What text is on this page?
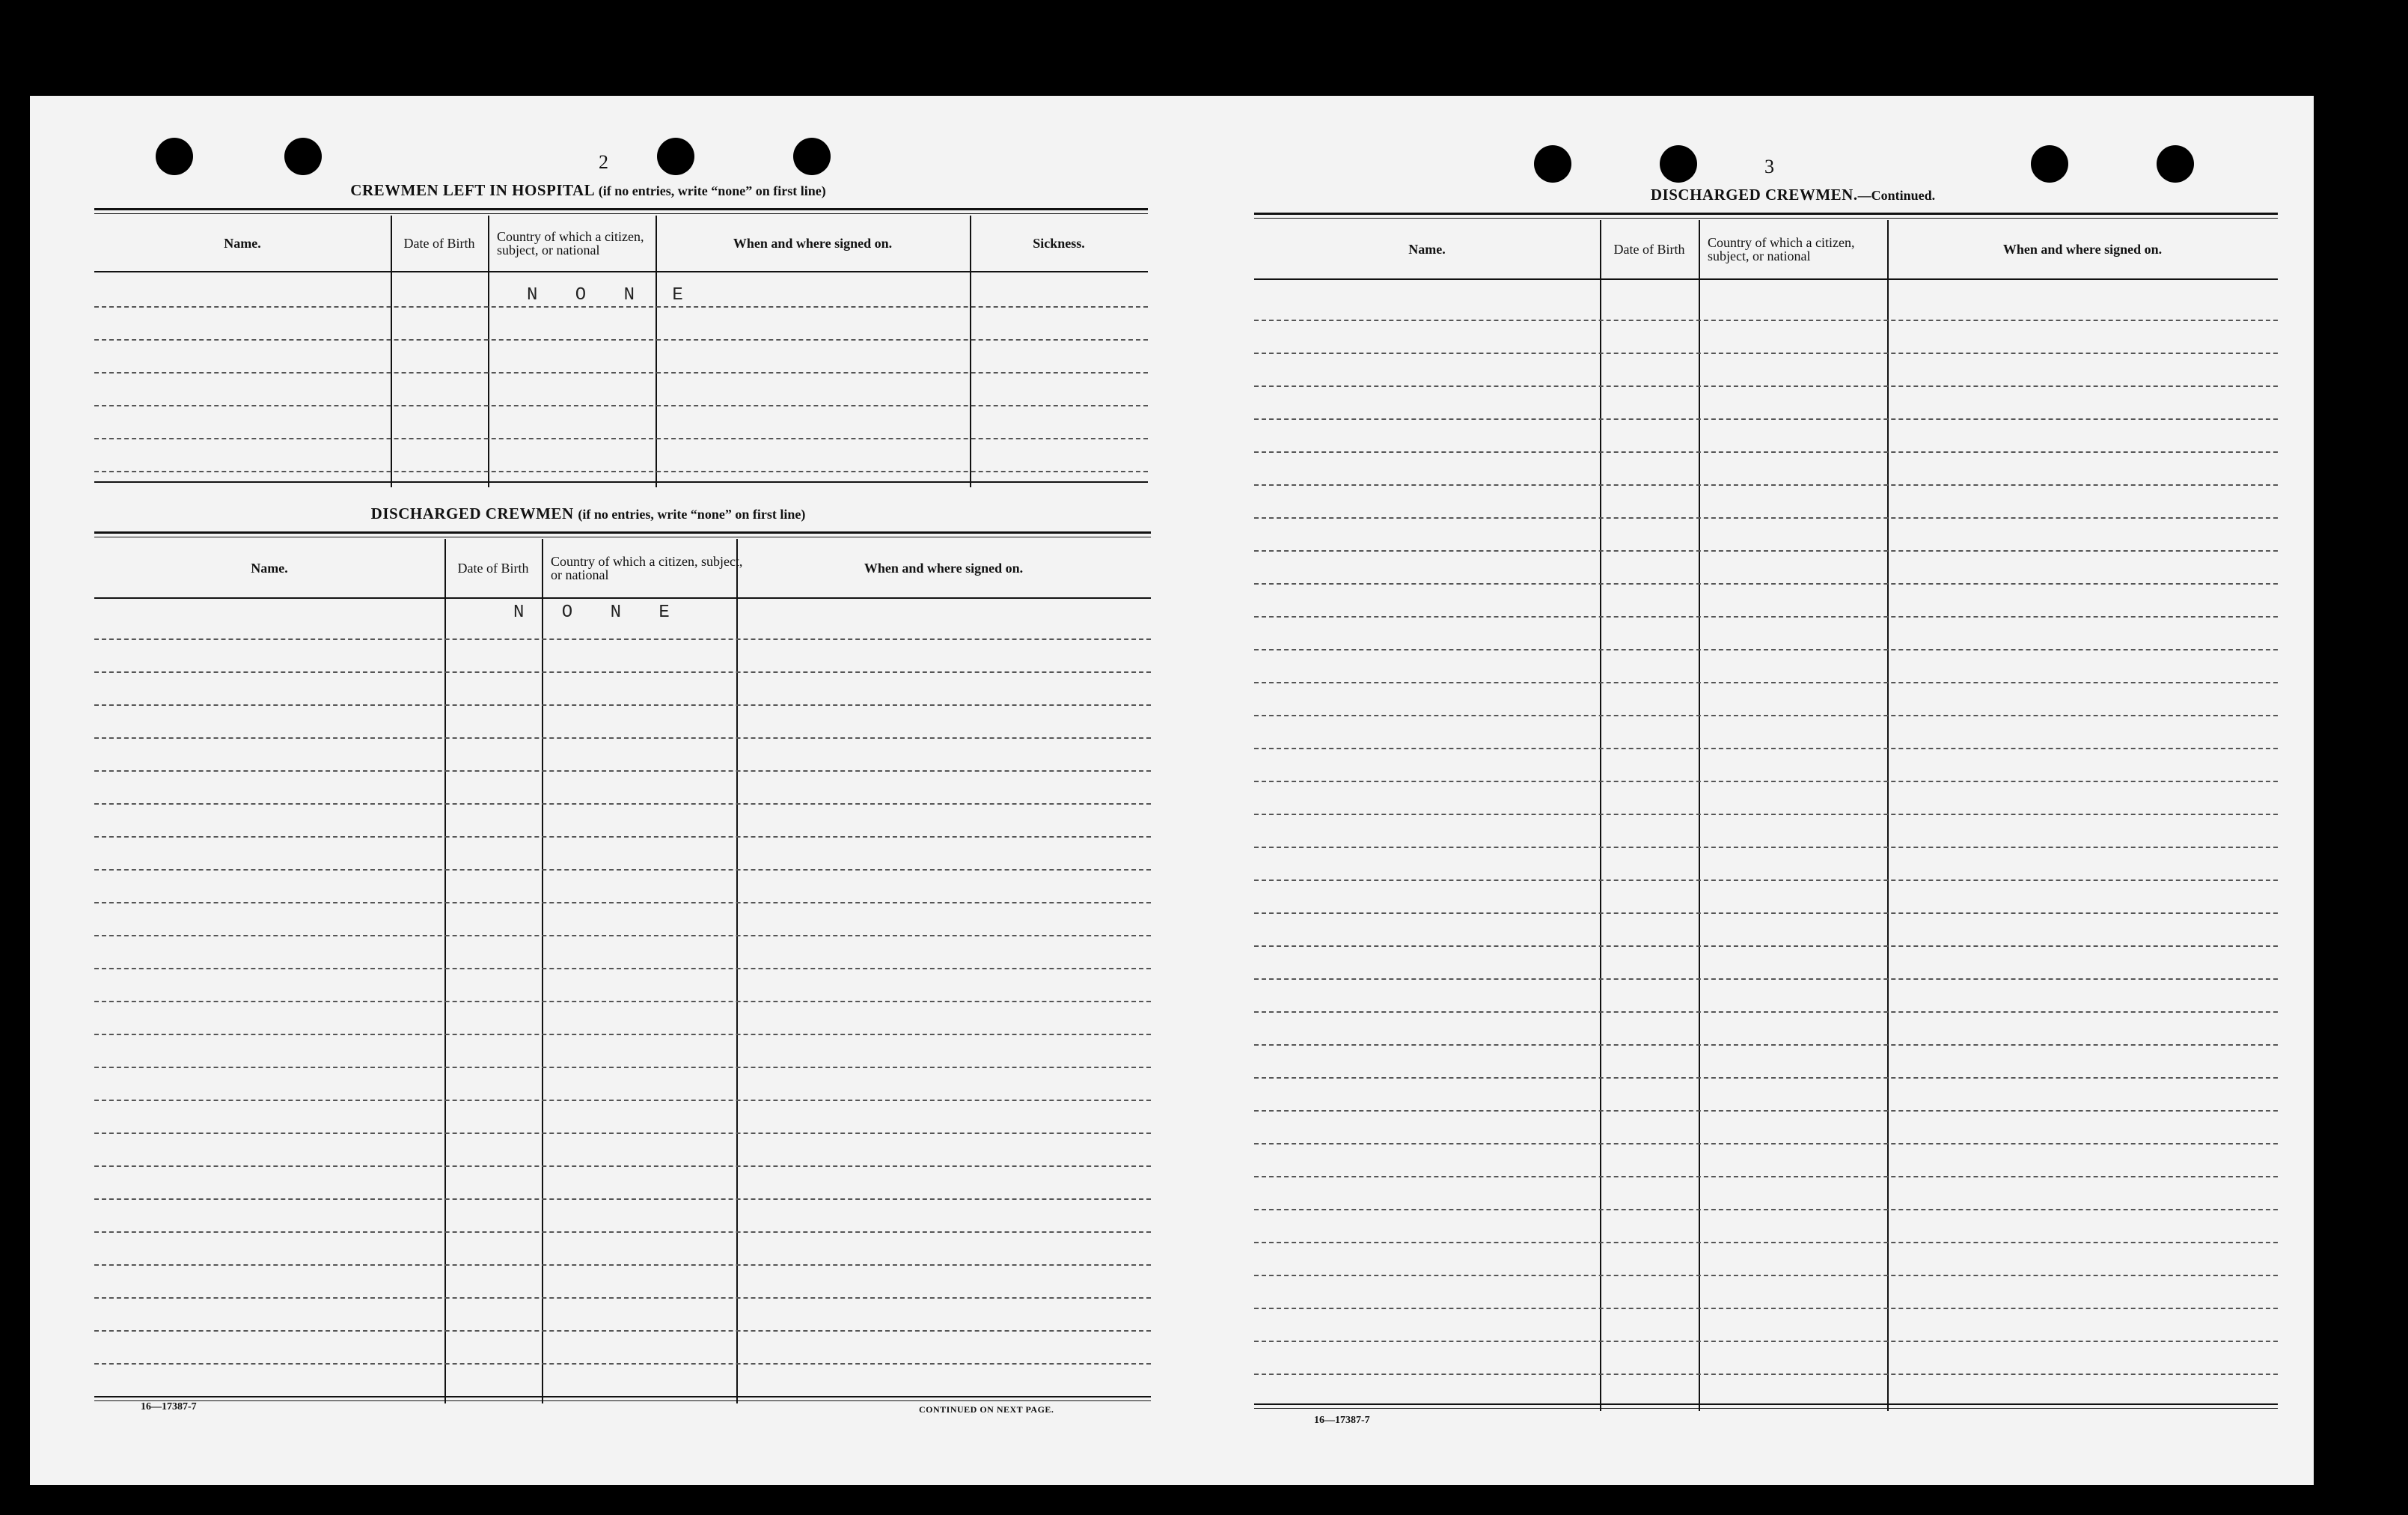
2
CREWMEN LEFT IN HOSPITAL (if no entries, write “none” on first line)
Name.	Date of Birth	Country of which a citizen, subject, or national	When and where signed on.	Sickness.
N O N E
DISCHARGED CREWMEN (if no entries, write “none” on first line)
Name.	Date of Birth	Country of which a citizen, subject, or national	When and where signed on.
N O N E
16—17387-7	CONTINUED ON NEXT PAGE.
3
DISCHARGED CREWMEN.—Continued.
Name.	Date of Birth	Country of which a citizen, subject, or national	When and where signed on.
16—17387-7
